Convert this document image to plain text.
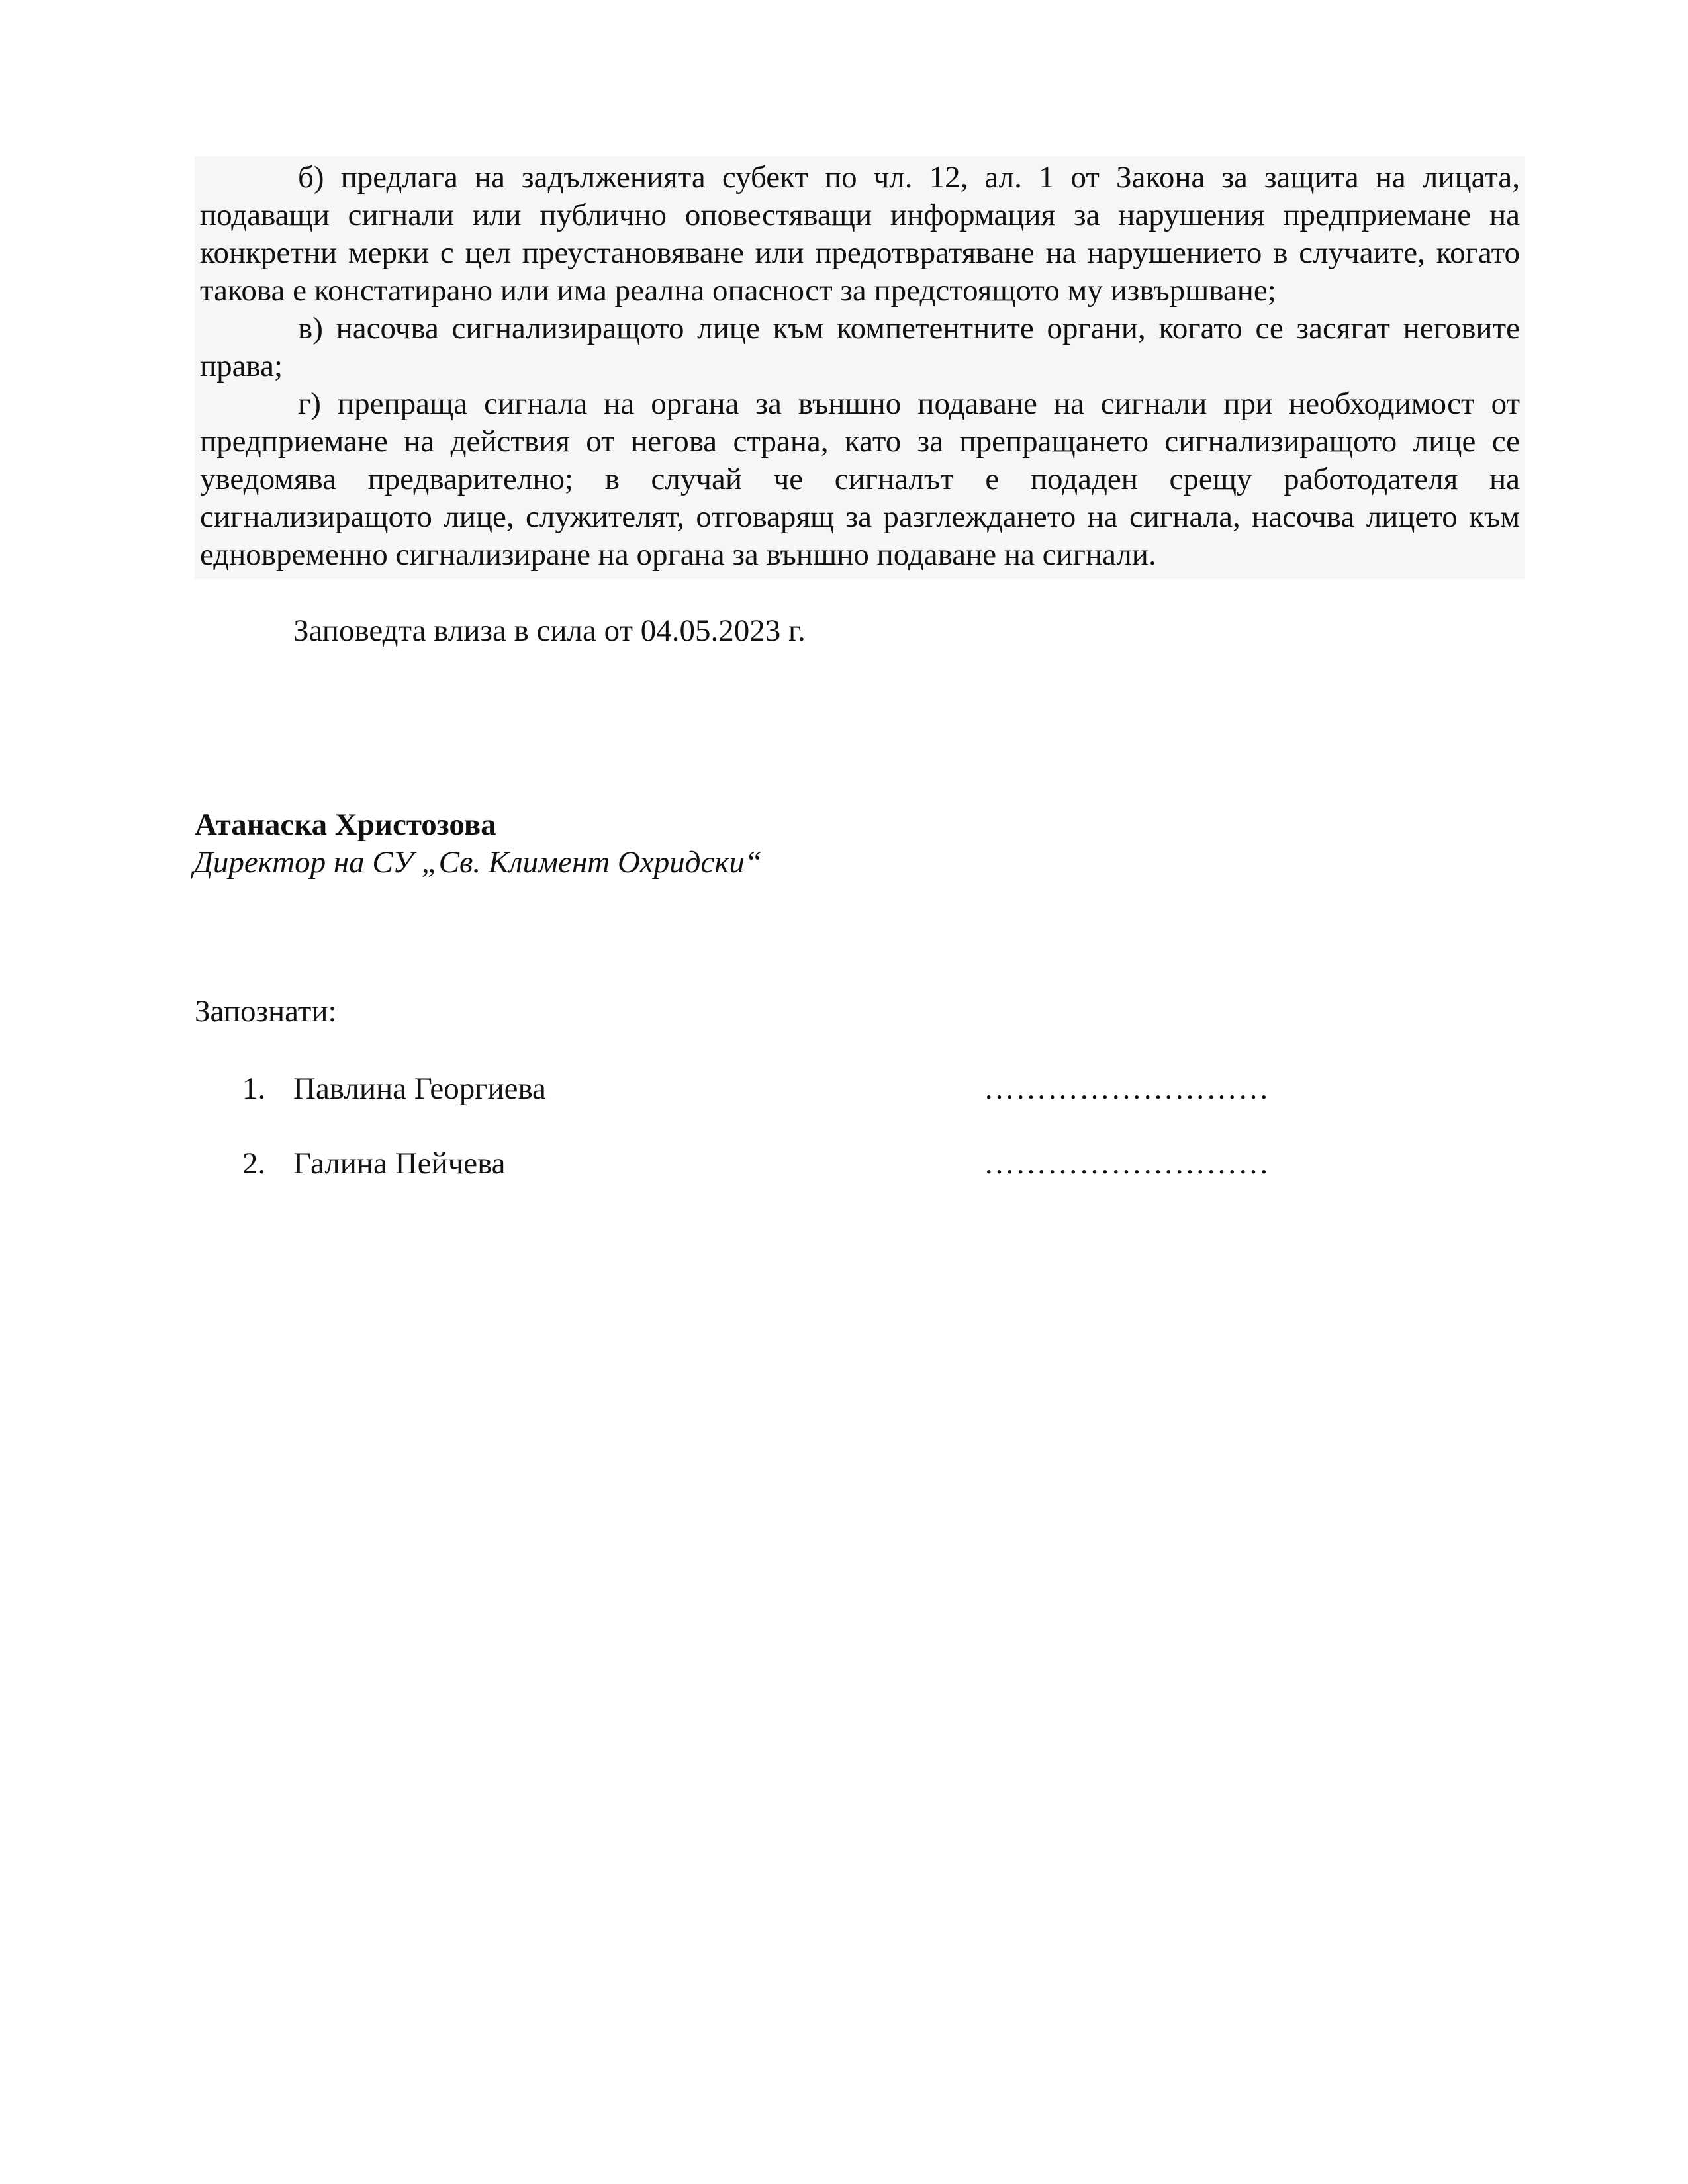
б) предлага на задълженията субект по чл. 12, ал. 1 от Закона за защита на лицата, подаващи сигнали или публично оповестяващи информация за нарушения предприемане на конкретни мерки с цел преустановяване или предотвратяване на нарушението в случаите, когато такова е констатирано или има реална опасност за предстоящото му извършване;

в) насочва сигнализиращото лице към компетентните органи, когато се засягат неговите права;

г) препраща сигнала на органа за външно подаване на сигнали при необходимост от предприемане на действия от негова страна, като за препращането сигнализиращото лице се уведомява предварително; в случай че сигналът е подаден срещу работодателя на сигнализиращото лице, служителят, отговарящ за разглеждането на сигнала, насочва лицето към едновременно сигнализиране на органа за външно подаване на сигнали.

Заповедта влиза в сила от 04.05.2023 г.

Атанаска Христозова

Директор на СУ „Св. Климент Охридски“

Запознати:

1. Павлина Георгиева	………………………
2. Галина Пейчева	………………………
